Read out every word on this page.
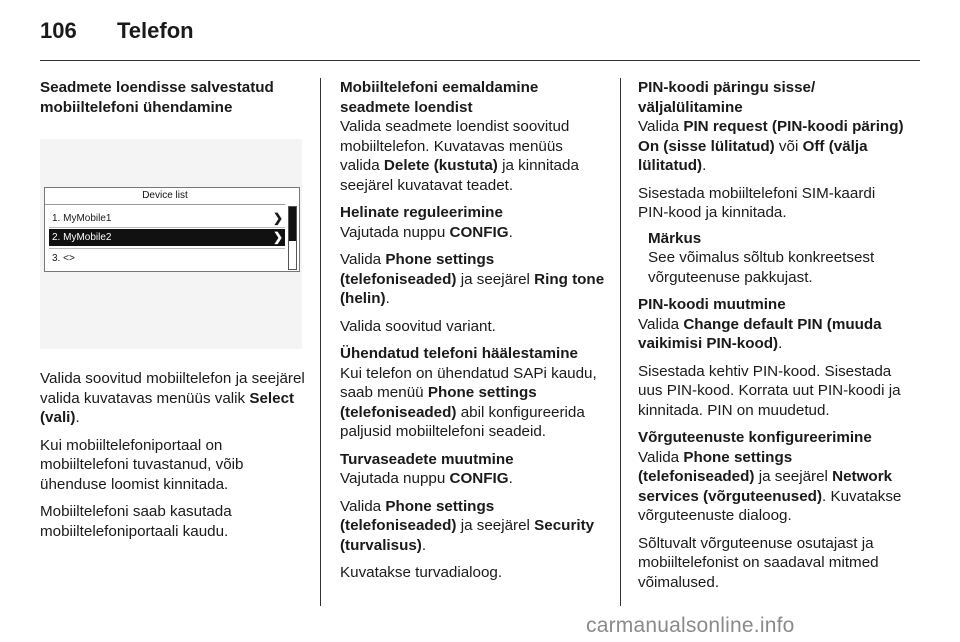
106 Telefon

Seadmete loendisse salvestatud mobiiltelefoni ühendamine

Device list
1. MyMobile1	❯
2. MyMobile2	❯
3. <>

Valida soovitud mobiiltelefon ja seejärel valida kuvatavas menüüs valik Select (vali).

Kui mobiiltelefoniportaal on mobiiltelefoni tuvastanud, võib ühenduse loomist kinnitada.

Mobiiltelefoni saab kasutada mobiiltelefoniportaali kaudu.

Mobiiltelefoni eemaldamine seadmete loendist

Valida seadmete loendist soovitud mobiiltelefon. Kuvatavas menüüs valida Delete (kustuta) ja kinnitada seejärel kuvatavat teadet.

Helinate reguleerimine

Vajutada nuppu CONFIG.

Valida Phone settings (telefoniseaded) ja seejärel Ring tone (helin).

Valida soovitud variant.

Ühendatud telefoni häälestamine

Kui telefon on ühendatud SAPi kaudu, saab menüü Phone settings (telefoniseaded) abil konfigureerida paljusid mobiiltelefoni seadeid.

Turvaseadete muutmine

Vajutada nuppu CONFIG.

Valida Phone settings (telefoniseaded) ja seejärel Security (turvalisus).

Kuvatakse turvadialoog.

PIN-koodi päringu sisse/ väljalülitamine

Valida PIN request (PIN-koodi päring) On (sisse lülitatud) või Off (välja lülitatud).

Sisestada mobiiltelefoni SIM-kaardi PIN-kood ja kinnitada.

Märkus
See võimalus sõltub konkreetsest võrguteenuse pakkujast.

PIN-koodi muutmine

Valida Change default PIN (muuda vaikimisi PIN-kood).

Sisestada kehtiv PIN-kood. Sisestada uus PIN-kood. Korrata uut PIN-koodi ja kinnitada. PIN on muudetud.

Võrguteenuste konfigureerimine

Valida Phone settings (telefoniseaded) ja seejärel Network services (võrguteenused). Kuvatakse võrguteenuste dialoog.

Sõltuvalt võrguteenuse osutajast ja mobiiltelefonist on saadaval mitmed võimalused.

carmanualsonline.info
